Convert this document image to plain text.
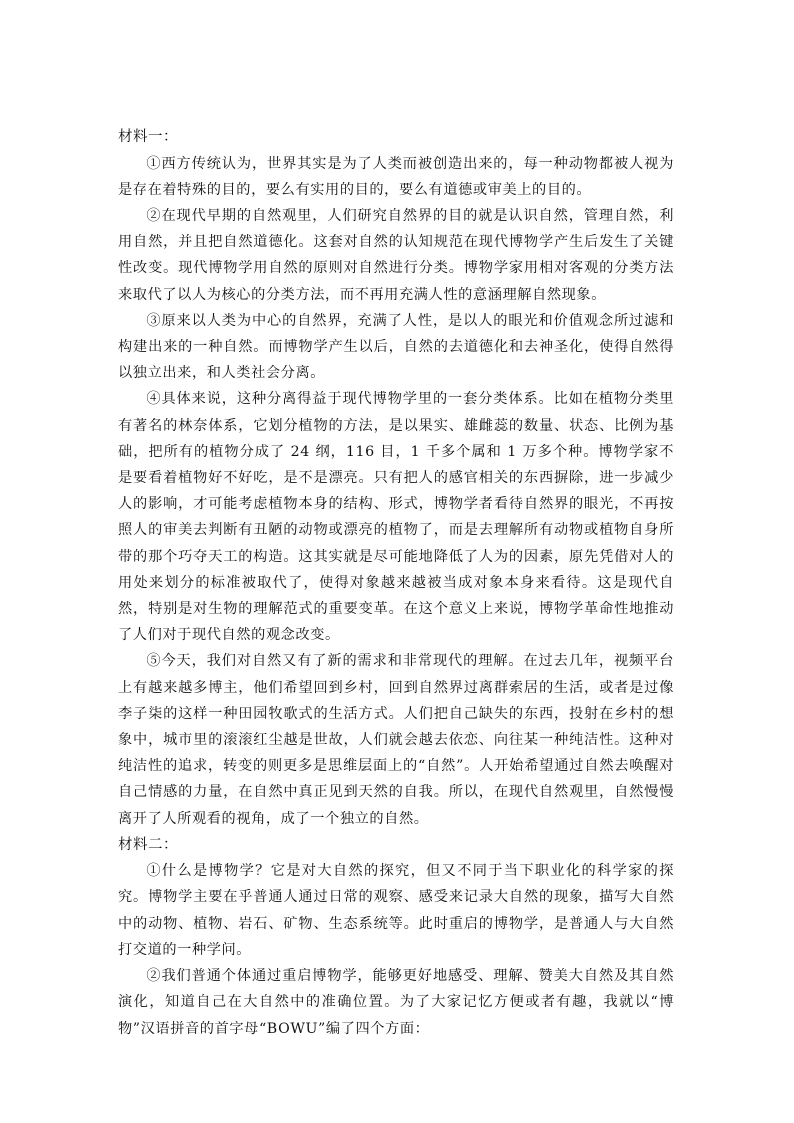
材料一：

①西方传统认为，世界其实是为了人类而被创造出来的，每一种动物都被人视为是存在着特殊的目的，要么有实用的目的，要么有道德或审美上的目的。

②在现代早期的自然观里，人们研究自然界的目的就是认识自然，管理自然，利用自然，并且把自然道德化。这套对自然的认知规范在现代博物学产生后发生了关键性改变。现代博物学用自然的原则对自然进行分类。博物学家用相对客观的分类方法来取代了以人为核心的分类方法，而不再用充满人性的意涵理解自然现象。

③原来以人类为中心的自然界，充满了人性，是以人的眼光和价值观念所过滤和构建出来的一种自然。而博物学产生以后，自然的去道德化和去神圣化，使得自然得以独立出来，和人类社会分离。

④具体来说，这种分离得益于现代博物学里的一套分类体系。比如在植物分类里有著名的林奈体系，它划分植物的方法，是以果实、雄雌蕊的数量、状态、比例为基础，把所有的植物分成了 24 纲，116 目，1 千多个属和 1 万多个种。博物学家不是要看着植物好不好吃，是不是漂亮。只有把人的感官相关的东西摒除，进一步减少人的影响，才可能考虑植物本身的结构、形式，博物学者看待自然界的眼光，不再按照人的审美去判断有丑陋的动物或漂亮的植物了，而是去理解所有动物或植物自身所带的那个巧夺天工的构造。这其实就是尽可能地降低了人为的因素，原先凭借对人的用处来划分的标准被取代了，使得对象越来越被当成对象本身来看待。这是现代自然，特别是对生物的理解范式的重要变革。在这个意义上来说，博物学革命性地推动了人们对于现代自然的观念改变。

⑤今天，我们对自然又有了新的需求和非常现代的理解。在过去几年，视频平台上有越来越多博主，他们希望回到乡村，回到自然界过离群索居的生活，或者是过像李子柒的这样一种田园牧歌式的生活方式。人们把自己缺失的东西，投射在乡村的想象中，城市里的滚滚红尘越是世故，人们就会越去依恋、向往某一种纯洁性。这种对纯洁性的追求，转变的则更多是思维层面上的“自然”。人开始希望通过自然去唤醒对自己情感的力量，在自然中真正见到天然的自我。所以，在现代自然观里，自然慢慢离开了人所观看的视角，成了一个独立的自然。

材料二：

①什么是博物学？它是对大自然的探究，但又不同于当下职业化的科学家的探究。博物学主要在乎普通人通过日常的观察、感受来记录大自然的现象，描写大自然中的动物、植物、岩石、矿物、生态系统等。此时重启的博物学，是普通人与大自然打交道的一种学问。

②我们普通个体通过重启博物学，能够更好地感受、理解、赞美大自然及其自然演化，知道自己在大自然中的准确位置。为了大家记忆方便或者有趣，我就以“博物”汉语拼音的首字母“BOWU”编了四个方面：
